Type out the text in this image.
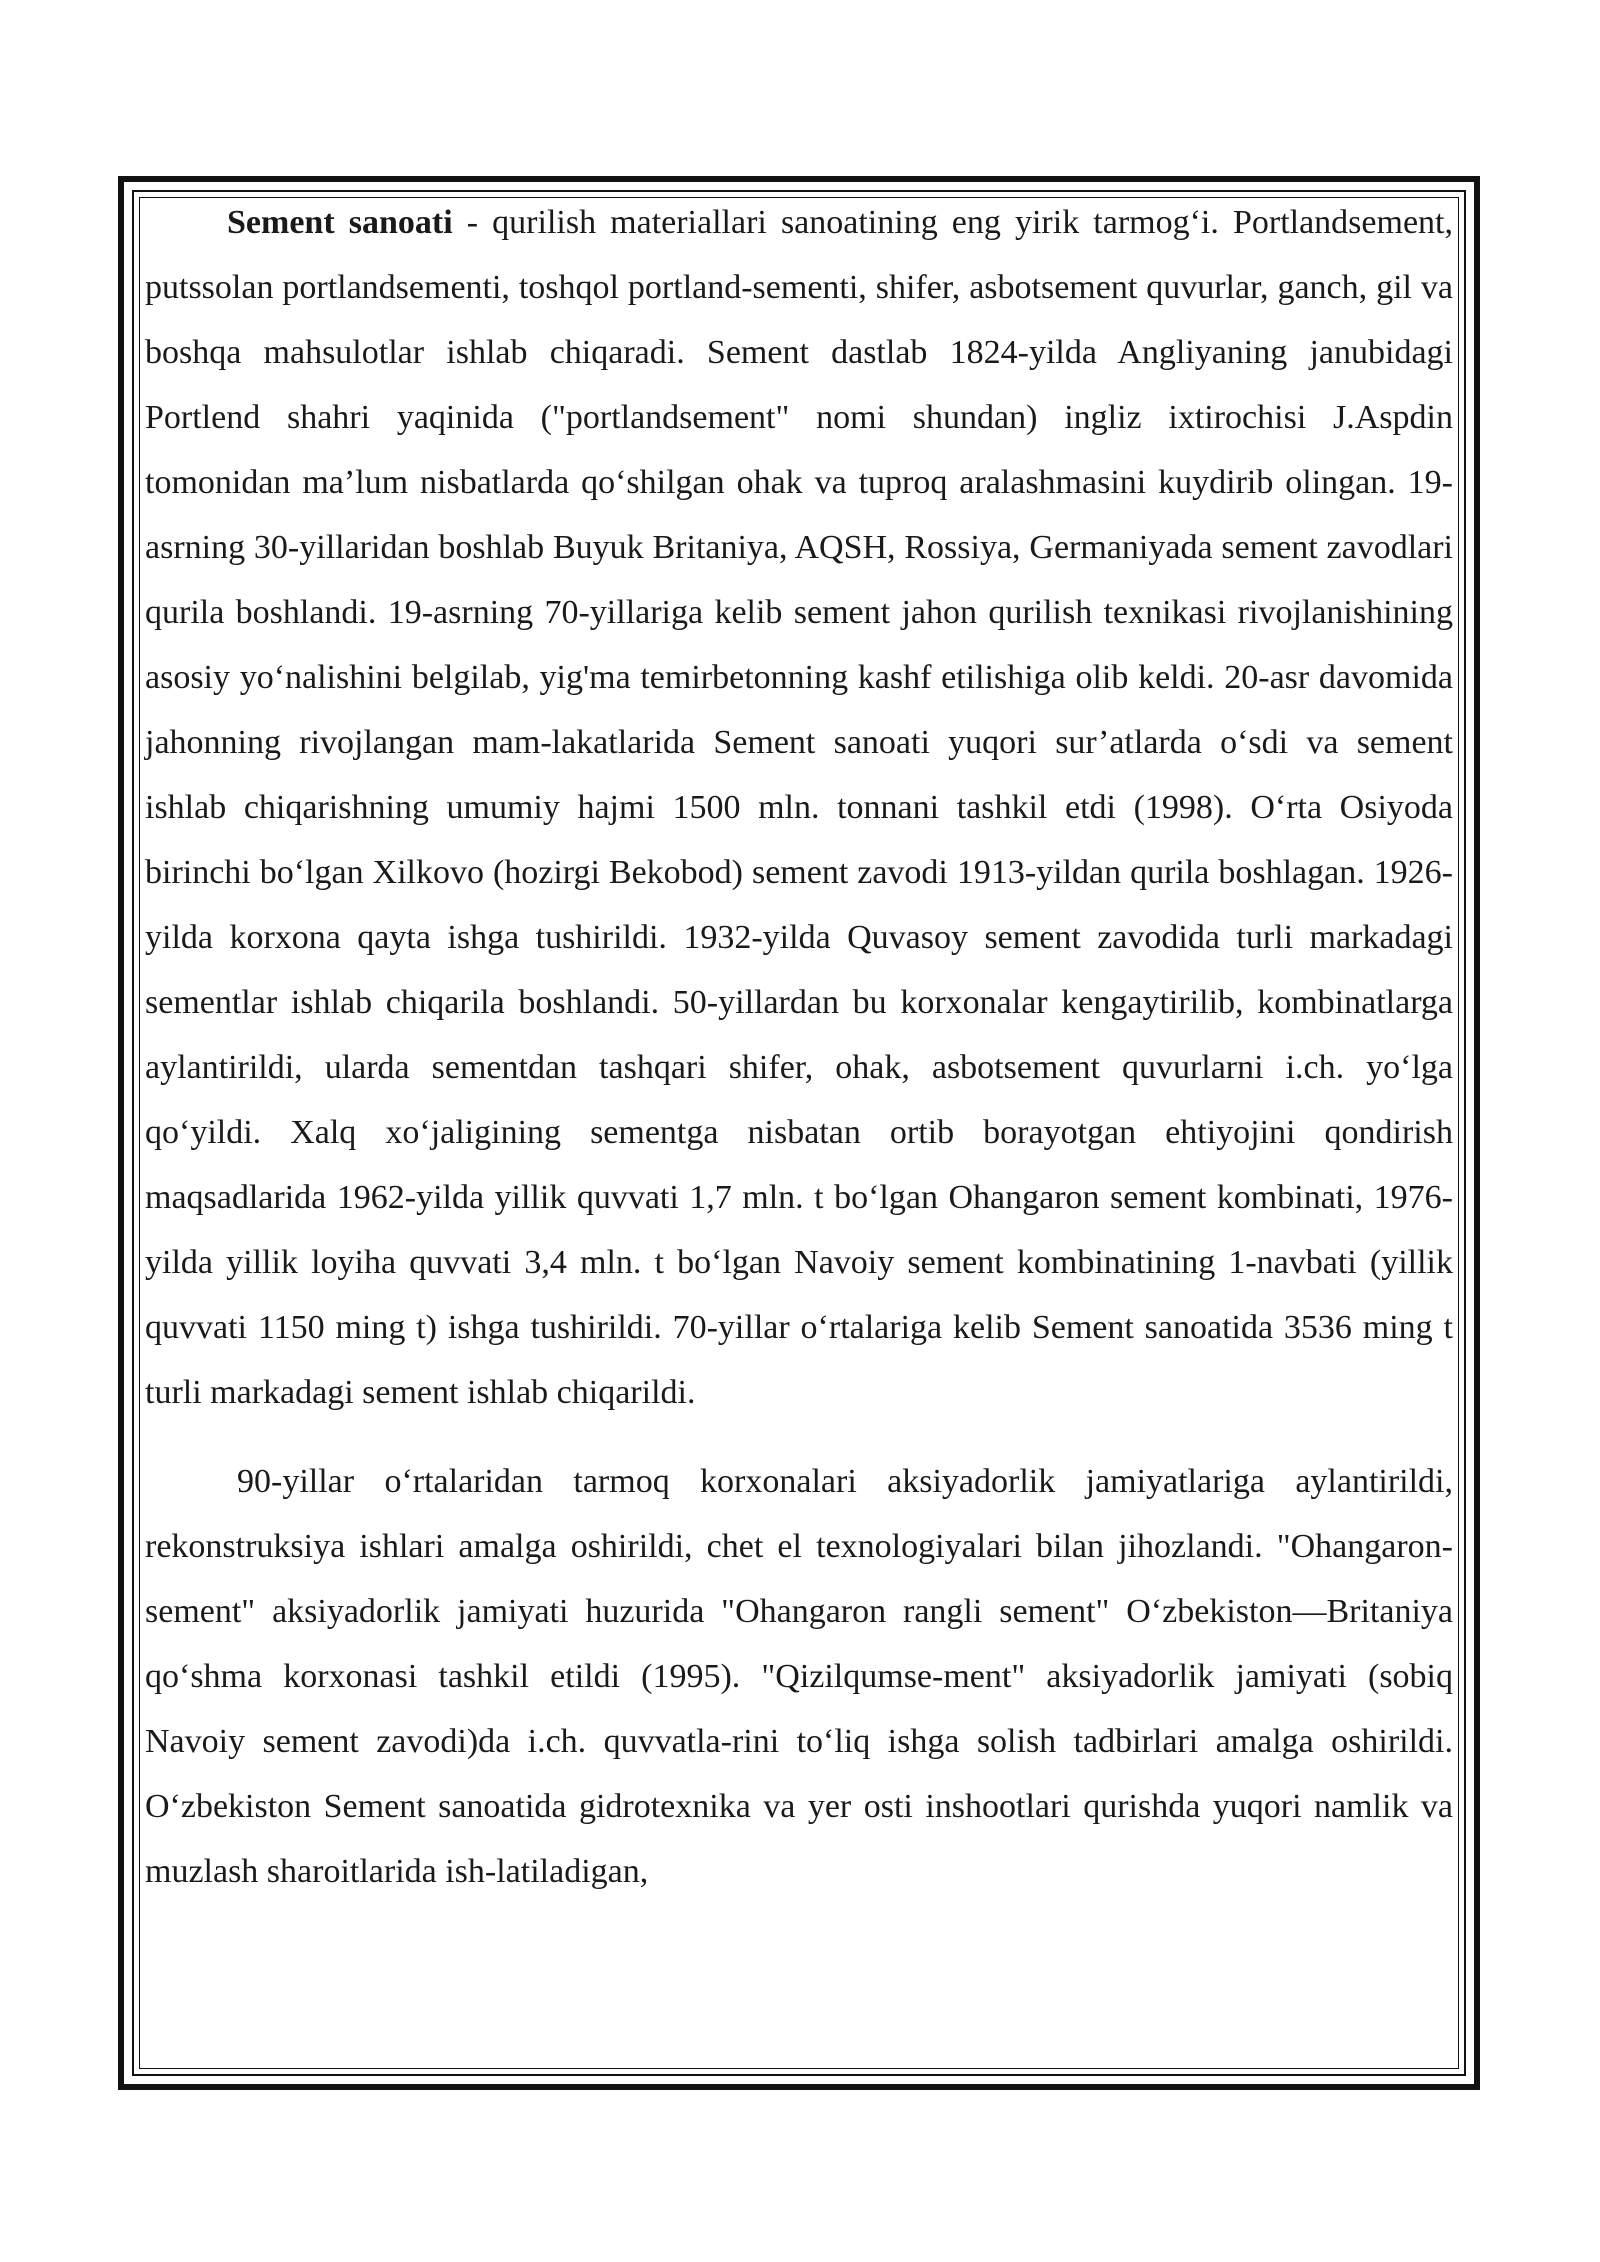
Sement sanoati - qurilish materiallari sanoatining eng yirik tarmog‘i. Portlandsement, putssolan portlandsementi, toshqol portland-sementi, shifer, asbotsement quvurlar, ganch, gil va boshqa mahsulotlar ishlab chiqaradi. Sement dastlab 1824-yilda Angliyaning janubidagi Portlend shahri yaqinida ("portlandsement" nomi shundan) ingliz ixtirochisi J.Aspdin tomonidan ma’lum nisbatlarda qo‘shilgan ohak va tuproq aralashmasini kuydirib olingan. 19-asrning 30-yillaridan boshlab Buyuk Britaniya, AQSH, Rossiya, Germaniyada sement zavodlari qurila boshlandi. 19-asrning 70-yillariga kelib sement jahon qurilish texnikasi rivojlanishining asosiy yo‘nalishini belgilab, yig'ma temirbetonning kashf etilishiga olib keldi. 20-asr davomida jahonning rivojlangan mam-lakatlarida Sement sanoati yuqori sur’atlarda o‘sdi va sement ishlab chiqarishning umumiy hajmi 1500 mln. tonnani tashkil etdi (1998). O‘rta Osiyoda birinchi bo‘lgan Xilkovo (hozirgi Bekobod) sement zavodi 1913-yildan qurila boshlagan. 1926-yilda korxona qayta ishga tushirildi. 1932-yilda Quvasoy sement zavodida turli markadagi sementlar ishlab chiqarila boshlandi. 50-yillardan bu korxonalar kengaytirilib, kombinatlarga aylantirildi, ularda sementdan tashqari shifer, ohak, asbotsement quvurlarni i.ch. yo‘lga qo‘yildi. Xalq xo‘jaligining sementga nisbatan ortib borayotgan ehtiyojini qondirish maqsadlarida 1962-yilda yillik quvvati 1,7 mln. t bo‘lgan Ohangaron sement kombinati, 1976-yilda yillik loyiha quvvati 3,4 mln. t bo‘lgan Navoiy sement kombinatining 1-navbati (yillik quvvati 1150 ming t) ishga tushirildi. 70-yillar o‘rtalariga kelib Sement sanoatida 3536 ming t turli markadagi sement ishlab chiqarildi.

90-yillar o‘rtalaridan tarmoq korxonalari aksiyadorlik jamiyatlariga aylantirildi, rekonstruksiya ishlari amalga oshirildi, chet el texnologiyalari bilan jihozlandi. "Ohangaron-sement" aksiyadorlik jamiyati huzurida "Ohangaron rangli sement" O‘zbekiston—Britaniya qo‘shma korxonasi tashkil etildi (1995). "Qizilqumse-ment" aksiyadorlik jamiyati (sobiq Navoiy sement zavodi)da i.ch. quvvatla-rini to‘liq ishga solish tadbirlari amalga oshirildi. O‘zbekiston Sement sanoatida gidrotexnika va yer osti inshootlari qurishda yuqori namlik va muzlash sharoitlarida ish-latiladigan,
